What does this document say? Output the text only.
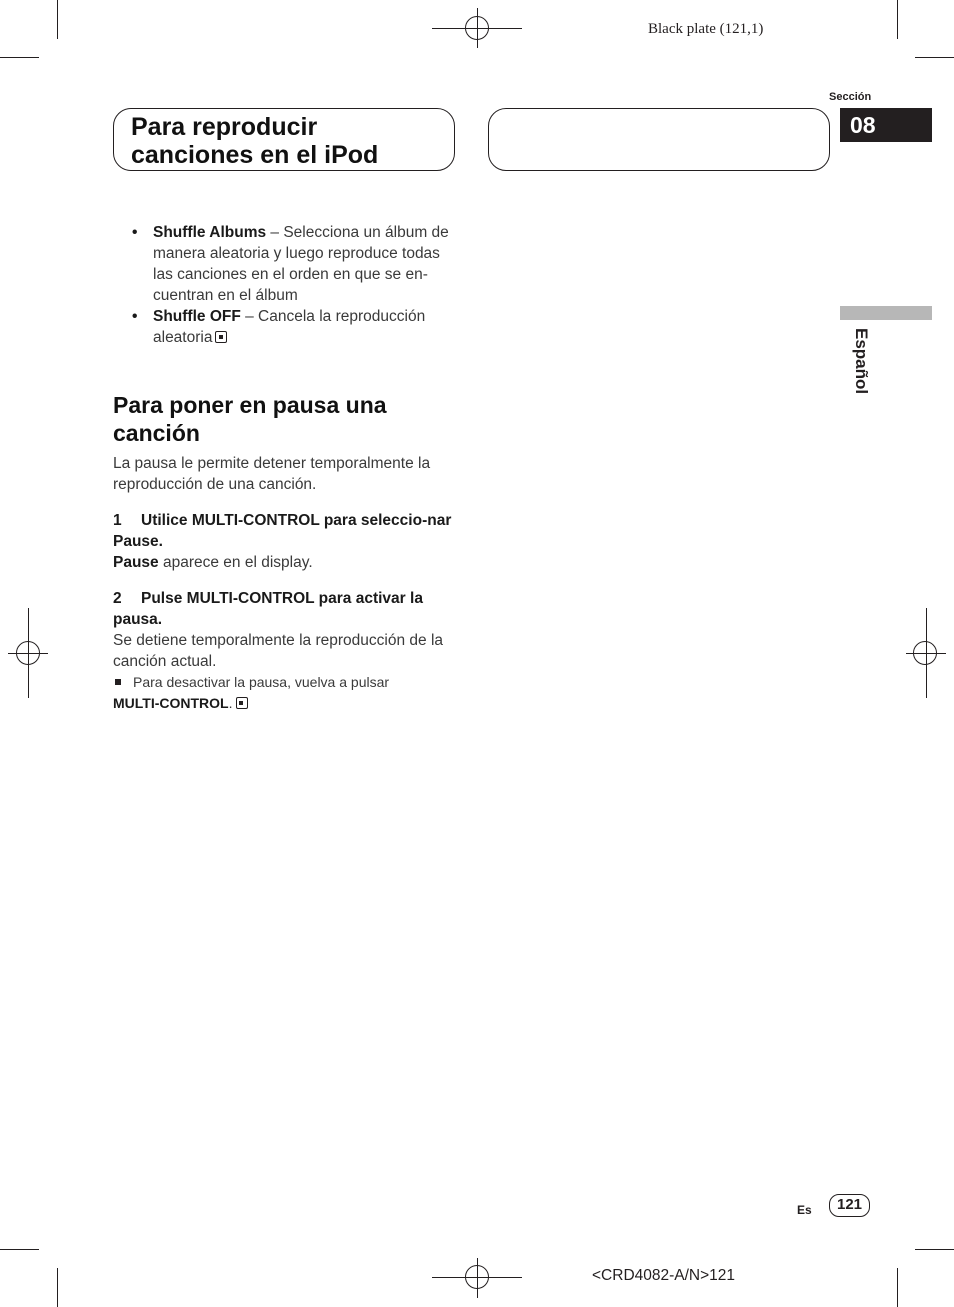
Black plate (121,1)
Para reproducir
canciones en el iPod
Sección
08
Español
• Shuffle Albums – Selecciona un álbum de manera aleatoria y luego reproduce todas las canciones en el orden en que se en-cuentran en el álbum
• Shuffle OFF – Cancela la reproducción aleatoria
Para poner en pausa una
canción
La pausa le permite detener temporalmente la reproducción de una canción.
1 Utilice MULTI-CONTROL para seleccio-nar Pause.
Pause aparece en el display.
2 Pulse MULTI-CONTROL para activar la pausa.
Se detiene temporalmente la reproducción de la canción actual.
Para desactivar la pausa, vuelva a pulsar
MULTI-CONTROL.
Es	121
<CRD4082-A/N>121
